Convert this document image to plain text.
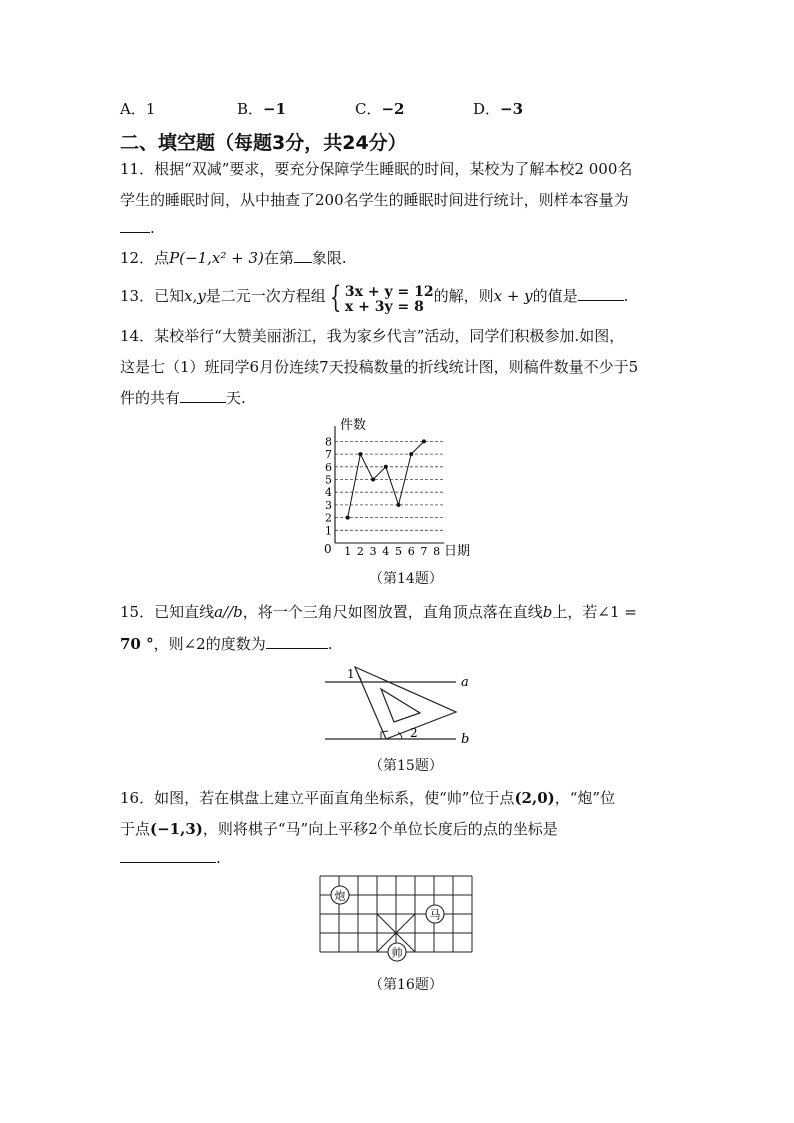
A．1	B．−1	C．−2	D．−3
二、填空题（每题3分，共24分）
11．根据“双减”要求，要充分保障学生睡眠的时间，某校为了解本校2 000名
学生的睡眠时间，从中抽查了200名学生的睡眠时间进行统计，则样本容量为
.
12．点P(−1,x² + 3)在第 象限.
13．已知x,y是二元一次方程组 { 3x + y = 12
x + 3y = 8
的解，则x + y的值是	.
14．某校举行“大赞美丽浙江，我为家乡代言”活动，同学们积极参加.如图，
这是七（1）班同学6月份连续7天投稿数量的折线统计图，则稿件数量不少于5
件的共有	天.
件数
日期
0
1
2
3
4
5
6
7
8
1 2 3 4 5 6 7 8
（第14题）
15．已知直线a//b，将一个三角尺如图放置，直角顶点落在直线b上，若∠1 =
70 °，则∠2的度数为	.
1
2
a
b
（第15题）
16．如图，若在棋盘上建立平面直角坐标系，使“帅”位于点(2,0)，“炮”位
于点(−1,3)，则将棋子“马”向上平移2个单位长度后的点的坐标是
.
炮
马
帅
（第16题）
